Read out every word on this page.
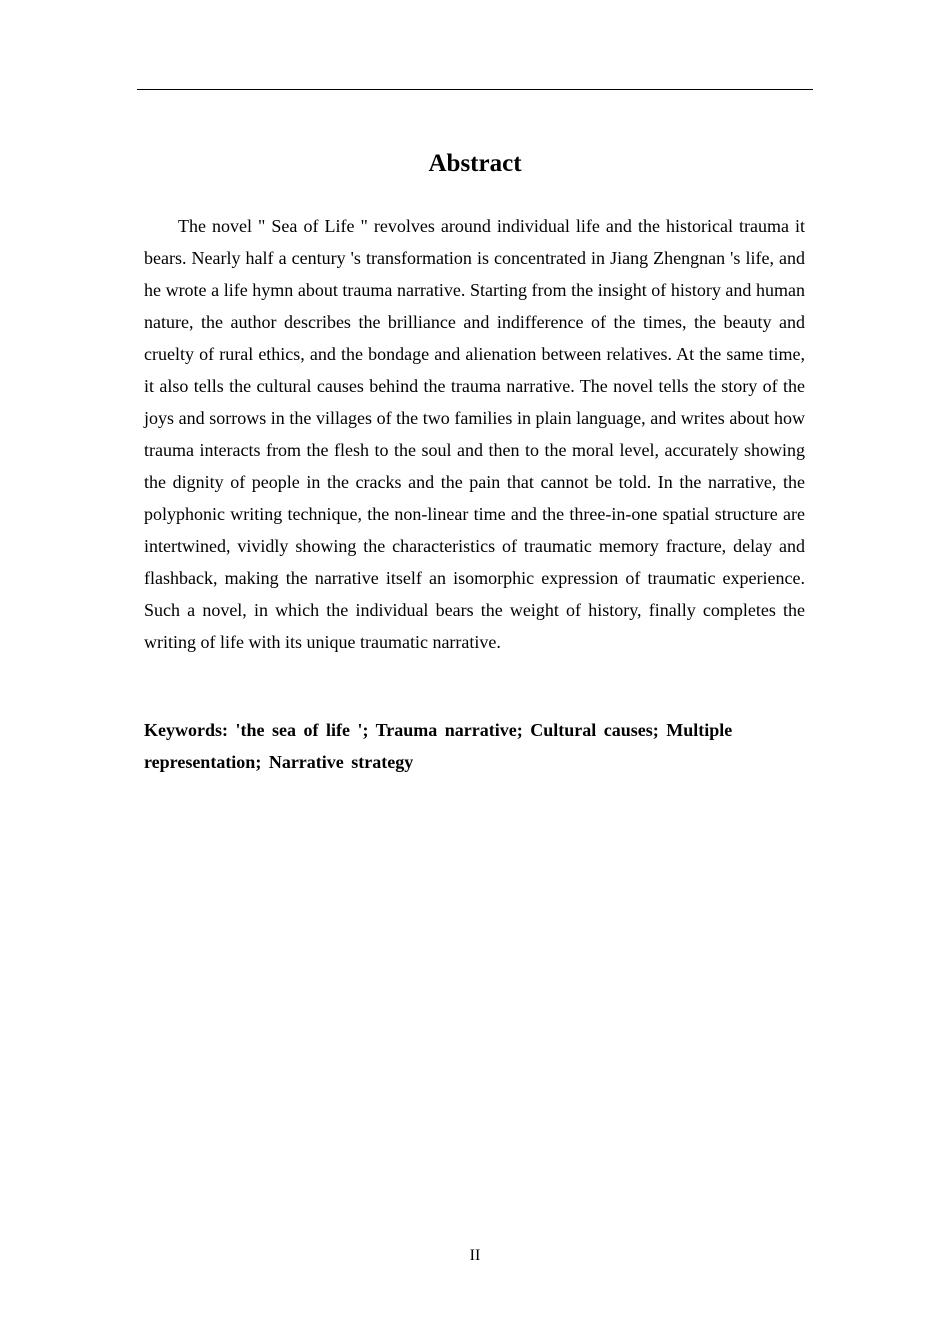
Abstract

The novel " Sea of Life " revolves around individual life and the historical trauma it bears. Nearly half a century 's transformation is concentrated in Jiang Zhengnan 's life, and he wrote a life hymn about trauma narrative. Starting from the insight of history and human nature, the author describes the brilliance and indifference of the times, the beauty and cruelty of rural ethics, and the bondage and alienation between relatives. At the same time, it also tells the cultural causes behind the trauma narrative. The novel tells the story of the joys and sorrows in the villages of the two families in plain language, and writes about how trauma interacts from the flesh to the soul and then to the moral level, accurately showing the dignity of people in the cracks and the pain that cannot be told. In the narrative, the polyphonic writing technique, the non-linear time and the three-in-one spatial structure are intertwined, vividly showing the characteristics of traumatic memory fracture, delay and flashback, making the narrative itself an isomorphic expression of traumatic experience. Such a novel, in which the individual bears the weight of history, finally completes the writing of life with its unique traumatic narrative.

Keywords: 'the sea of life '; Trauma narrative; Cultural causes; Multiple representation; Narrative strategy

II
